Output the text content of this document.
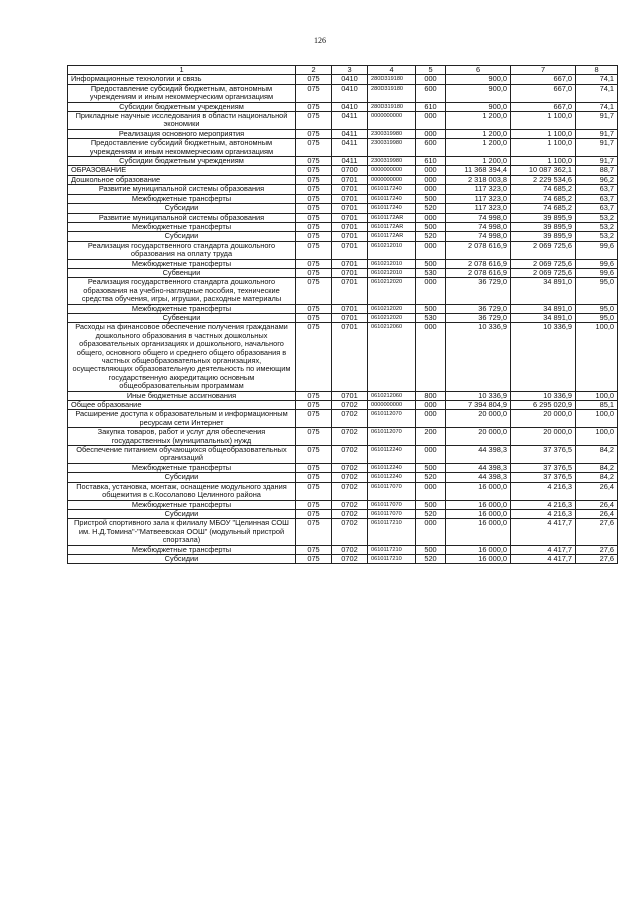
126
1	2	3	4	5	6	7	8
Информационные технологии и связь	075	0410	280D319180	000	900,0	667,0	74,1
Предоставление субсидий бюджетным, автономным учреждениям и иным некоммерческим организациям	075	0410	280D319180	600	900,0	667,0	74,1
Субсидии бюджетным учреждениям	075	0410	280D319180	610	900,0	667,0	74,1
Прикладные научные исследования в области национальной экономики	075	0411	0000000000	000	1 200,0	1 100,0	91,7
Реализация основного мероприятия	075	0411	2300319980	000	1 200,0	1 100,0	91,7
Предоставление субсидий бюджетным, автономным учреждениям и иным некоммерческим организациям	075	0411	2300319980	600	1 200,0	1 100,0	91,7
Субсидии бюджетным учреждениям	075	0411	2300319980	610	1 200,0	1 100,0	91,7
ОБРАЗОВАНИЕ	075	0700	0000000000	000	11 368 394,4	10 087 362,1	88,7
Дошкольное образование	075	0701	0000000000	000	2 318 003,8	2 229 534,6	96,2
Развитие муниципальной системы образования	075	0701	0610117240	000	117 323,0	74 685,2	63,7
Межбюджетные трансферты	075	0701	0610117240	500	117 323,0	74 685,2	63,7
Субсидии	075	0701	0610117240	520	117 323,0	74 685,2	63,7
Развитие муниципальной системы образования	075	0701	06101172АR	000	74 998,0	39 895,9	53,2
Межбюджетные трансферты	075	0701	06101172АR	500	74 998,0	39 895,9	53,2
Субсидии	075	0701	06101172АR	520	74 998,0	39 895,9	53,2
Реализация государственного стандарта дошкольного образования на оплату труда	075	0701	0610212010	000	2 078 616,9	2 069 725,6	99,6
Межбюджетные трансферты	075	0701	0610212010	500	2 078 616,9	2 069 725,6	99,6
Субвенции	075	0701	0610212010	530	2 078 616,9	2 069 725,6	99,6
Реализация государственного стандарта дошкольного образования на учебно-наглядные пособия, технические средства обучения, игры, игрушки, расходные материалы	075	0701	0610212020	000	36 729,0	34 891,0	95,0
Межбюджетные трансферты	075	0701	0610212020	500	36 729,0	34 891,0	95,0
Субвенции	075	0701	0610212020	530	36 729,0	34 891,0	95,0
Расходы на финансовое обеспечение получения гражданами дошкольного образования в частных дошкольных образовательных организациях и дошкольного, начального общего, основного общего и среднего общего образования в частных общеобразовательных организациях, осуществляющих образовательную деятельность по имеющим государственную аккредитацию основным общеобразовательным программам	075	0701	0610212060	000	10 336,9	10 336,9	100,0
Иные бюджетные ассигнования	075	0701	0610212060	800	10 336,9	10 336,9	100,0
Общее образование	075	0702	0000000000	000	7 394 804,9	6 295 020,9	85,1
Расширение доступа к образовательным и информационным ресурсам сети Интернет	075	0702	0610112070	000	20 000,0	20 000,0	100,0
Закупка товаров, работ и услуг для обеспечения государственных (муниципальных) нужд	075	0702	0610112070	200	20 000,0	20 000,0	100,0
Обеспечение питанием обучающихся общеобразовательных организаций	075	0702	0610112240	000	44 398,3	37 376,5	84,2
Межбюджетные трансферты	075	0702	0610112240	500	44 398,3	37 376,5	84,2
Субсидии	075	0702	0610112240	520	44 398,3	37 376,5	84,2
Поставка, установка, монтаж, оснащение модульного здания общежития в с.Косолапово Целинного района	075	0702	0610117070	000	16 000,0	4 216,3	26,4
Межбюджетные трансферты	075	0702	0610117070	500	16 000,0	4 216,3	26,4
Субсидии	075	0702	0610117070	520	16 000,0	4 216,3	26,4
Пристрой спортивного зала к филиалу МБОУ "Целинная СОШ им. Н.Д.Томина"-"Матвеевская ООШ" (модульный пристрой спортзала)	075	0702	0610117210	000	16 000,0	4 417,7	27,6
Межбюджетные трансферты	075	0702	0610117210	500	16 000,0	4 417,7	27,6
Субсидии	075	0702	0610117210	520	16 000,0	4 417,7	27,6
